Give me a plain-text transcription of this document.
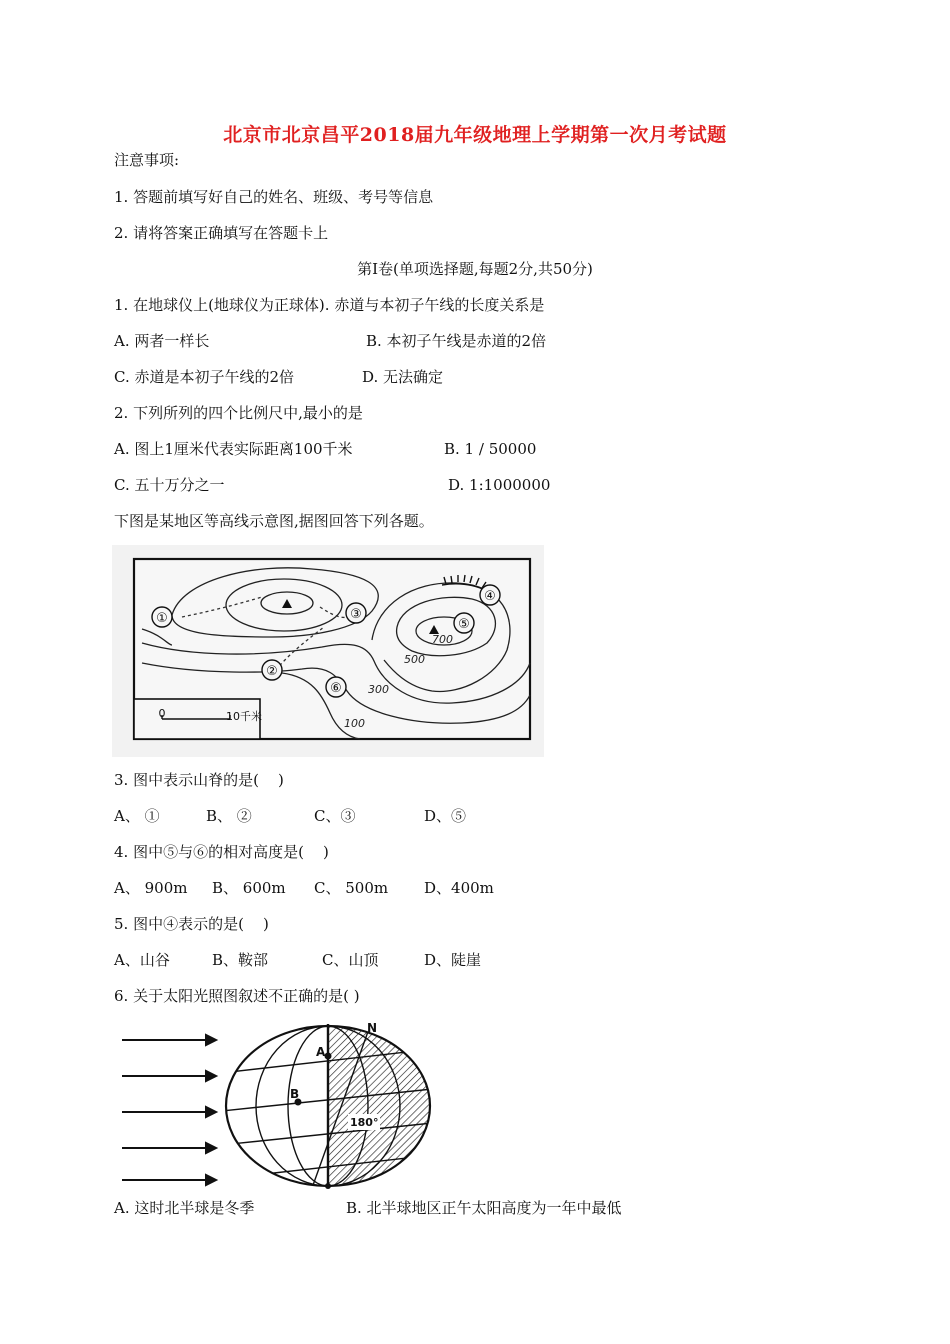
北京市北京昌平2018届九年级地理上学期第一次月考试题
注意事项:
1. 答题前填写好自己的姓名、班级、考号等信息
2. 请将答案正确填写在答题卡上
第Ⅰ卷(单项选择题,每题2分,共50分)
1. 在地球仪上(地球仪为正球体). 赤道与本初子午线的长度关系是

A. 两者一样长

	B. 本初子午线是赤道的2倍

C. 赤道是本初子午线的2倍

	D. 无法确定

2. 下列所列的四个比例尺中,最小的是

A. 图上1厘米代表实际距离100千米

	B. 1 / 50000

C. 五十万分之一

	D. 1:1000000

下图是某地区等高线示意图,据图回答下列各题。
①
②
③
④
⑤
⑥
700
500
300
100
0	10千米
3. 图中表示山脊的是(    )

A、 ①

	B、 ②

	C、③

	D、⑤

4. 图中⑤与⑥的相对高度是(    )

A、 900m

B、 600m

C、 500m

D、400m

5. 图中④表示的是(    )

A、山谷

	B、鞍部

	C、山顶

	D、陡崖

6. 关于太阳光照图叙述不正确的是( )
N
A
B
180°

A. 这时北半球是冬季

	B. 北半球地区正午太阳高度为一年中最低
